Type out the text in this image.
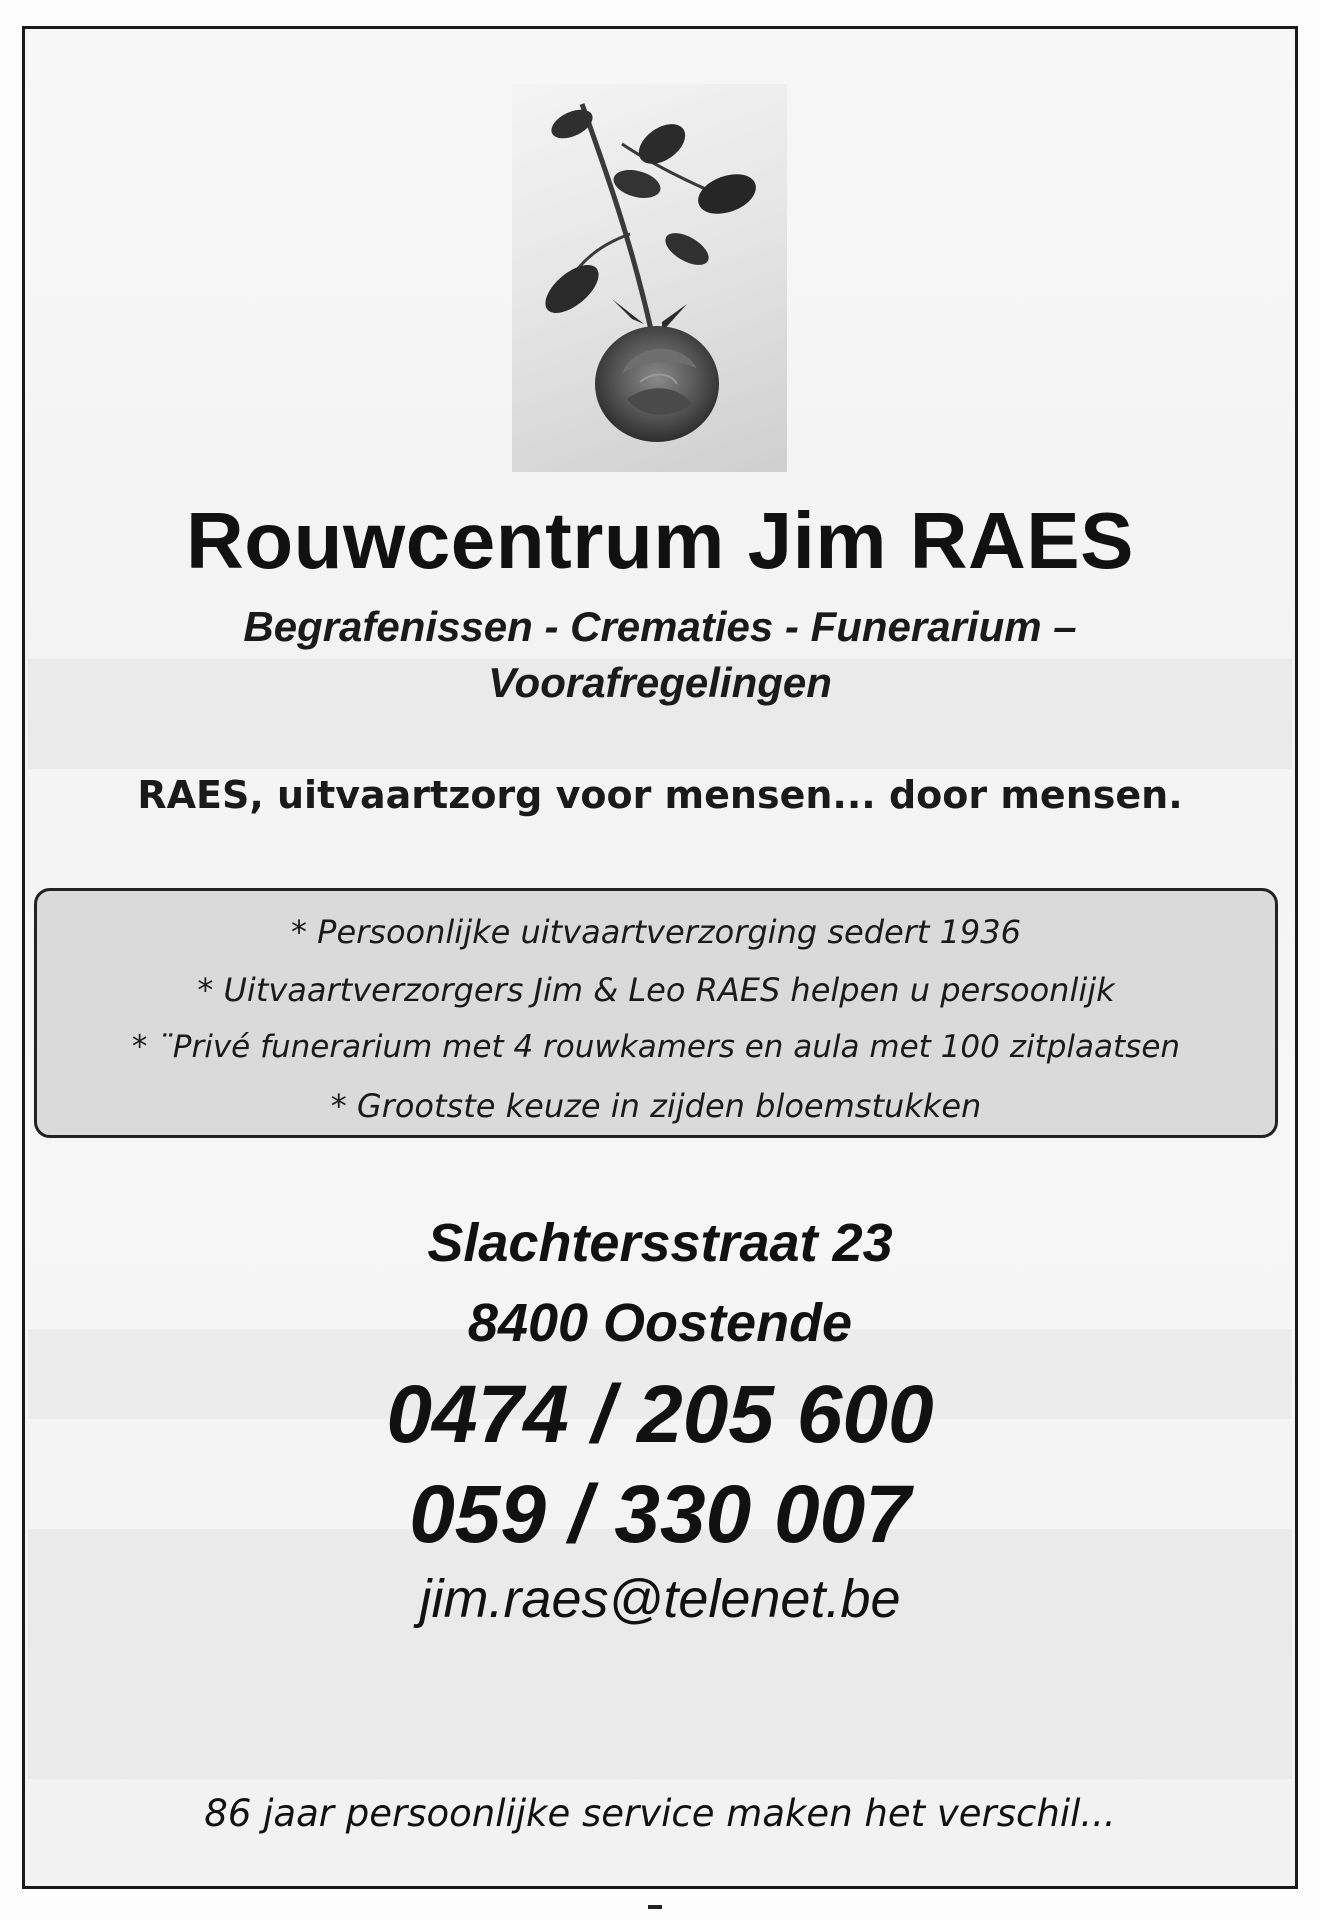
Rouwcentrum Jim RAES
Begrafenissen - Crematies - Funerarium –
Voorafregelingen
RAES, uitvaartzorg voor mensen... door mensen.
* Persoonlijke uitvaartverzorging sedert 1936
* Uitvaartverzorgers Jim & Leo RAES helpen u persoonlijk
* ¨Privé funerarium met 4 rouwkamers en aula met 100 zitplaatsen
* Grootste keuze in zijden bloemstukken
Slachtersstraat 23
8400 Oostende
0474 / 205 600
059 / 330 007
jim.raes@telenet.be
86 jaar persoonlijke service maken het verschil...
